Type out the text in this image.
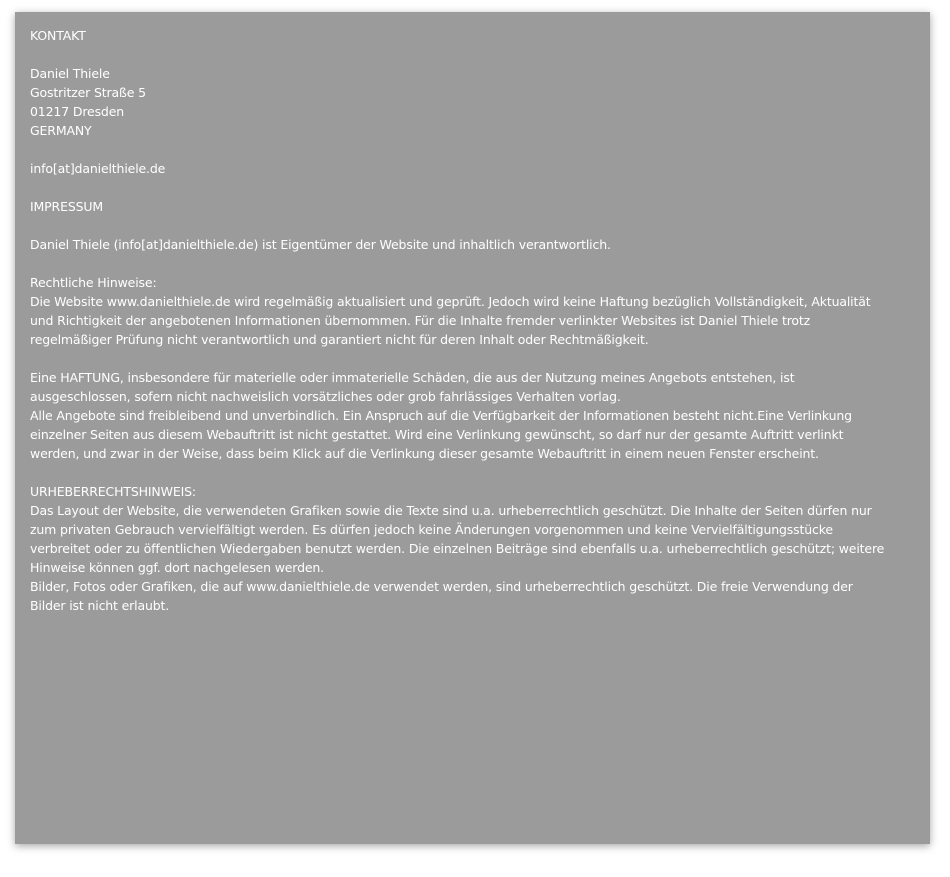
KONTAKT
Daniel Thiele
Gostritzer Straße 5
01217 Dresden
GERMANY
info[at]danielthiele.de
IMPRESSUM
Daniel Thiele (info[at]danielthiele.de) ist Eigentümer der Website und inhaltlich verantwortlich.
Rechtliche Hinweise:
Die Website www.danielthiele.de wird regelmäßig aktualisiert und geprüft. Jedoch wird keine Haftung bezüglich Vollständigkeit, Aktualität
und Richtigkeit der angebotenen Informationen übernommen. Für die Inhalte fremder verlinkter Websites ist Daniel Thiele trotz
regelmäßiger Prüfung nicht verantwortlich und garantiert nicht für deren Inhalt oder Rechtmäßigkeit.
Eine HAFTUNG, insbesondere für materielle oder immaterielle Schäden, die aus der Nutzung meines Angebots entstehen, ist
ausgeschlossen, sofern nicht nachweislich vorsätzliches oder grob fahrlässiges Verhalten vorlag.
Alle Angebote sind freibleibend und unverbindlich. Ein Anspruch auf die Verfügbarkeit der Informationen besteht nicht.Eine Verlinkung
einzelner Seiten aus diesem Webauftritt ist nicht gestattet. Wird eine Verlinkung gewünscht, so darf nur der gesamte Auftritt verlinkt
werden, und zwar in der Weise, dass beim Klick auf die Verlinkung dieser gesamte Webauftritt in einem neuen Fenster erscheint.
URHEBERRECHTSHINWEIS:
Das Layout der Website, die verwendeten Grafiken sowie die Texte sind u.a. urheberrechtlich geschützt. Die Inhalte der Seiten dürfen nur
zum privaten Gebrauch vervielfältigt werden. Es dürfen jedoch keine Änderungen vorgenommen und keine Vervielfältigungsstücke
verbreitet oder zu öffentlichen Wiedergaben benutzt werden. Die einzelnen Beiträge sind ebenfalls u.a. urheberrechtlich geschützt; weitere
Hinweise können ggf. dort nachgelesen werden.
Bilder, Fotos oder Grafiken, die auf www.danielthiele.de verwendet werden, sind urheberrechtlich geschützt. Die freie Verwendung der
Bilder ist nicht erlaubt.
